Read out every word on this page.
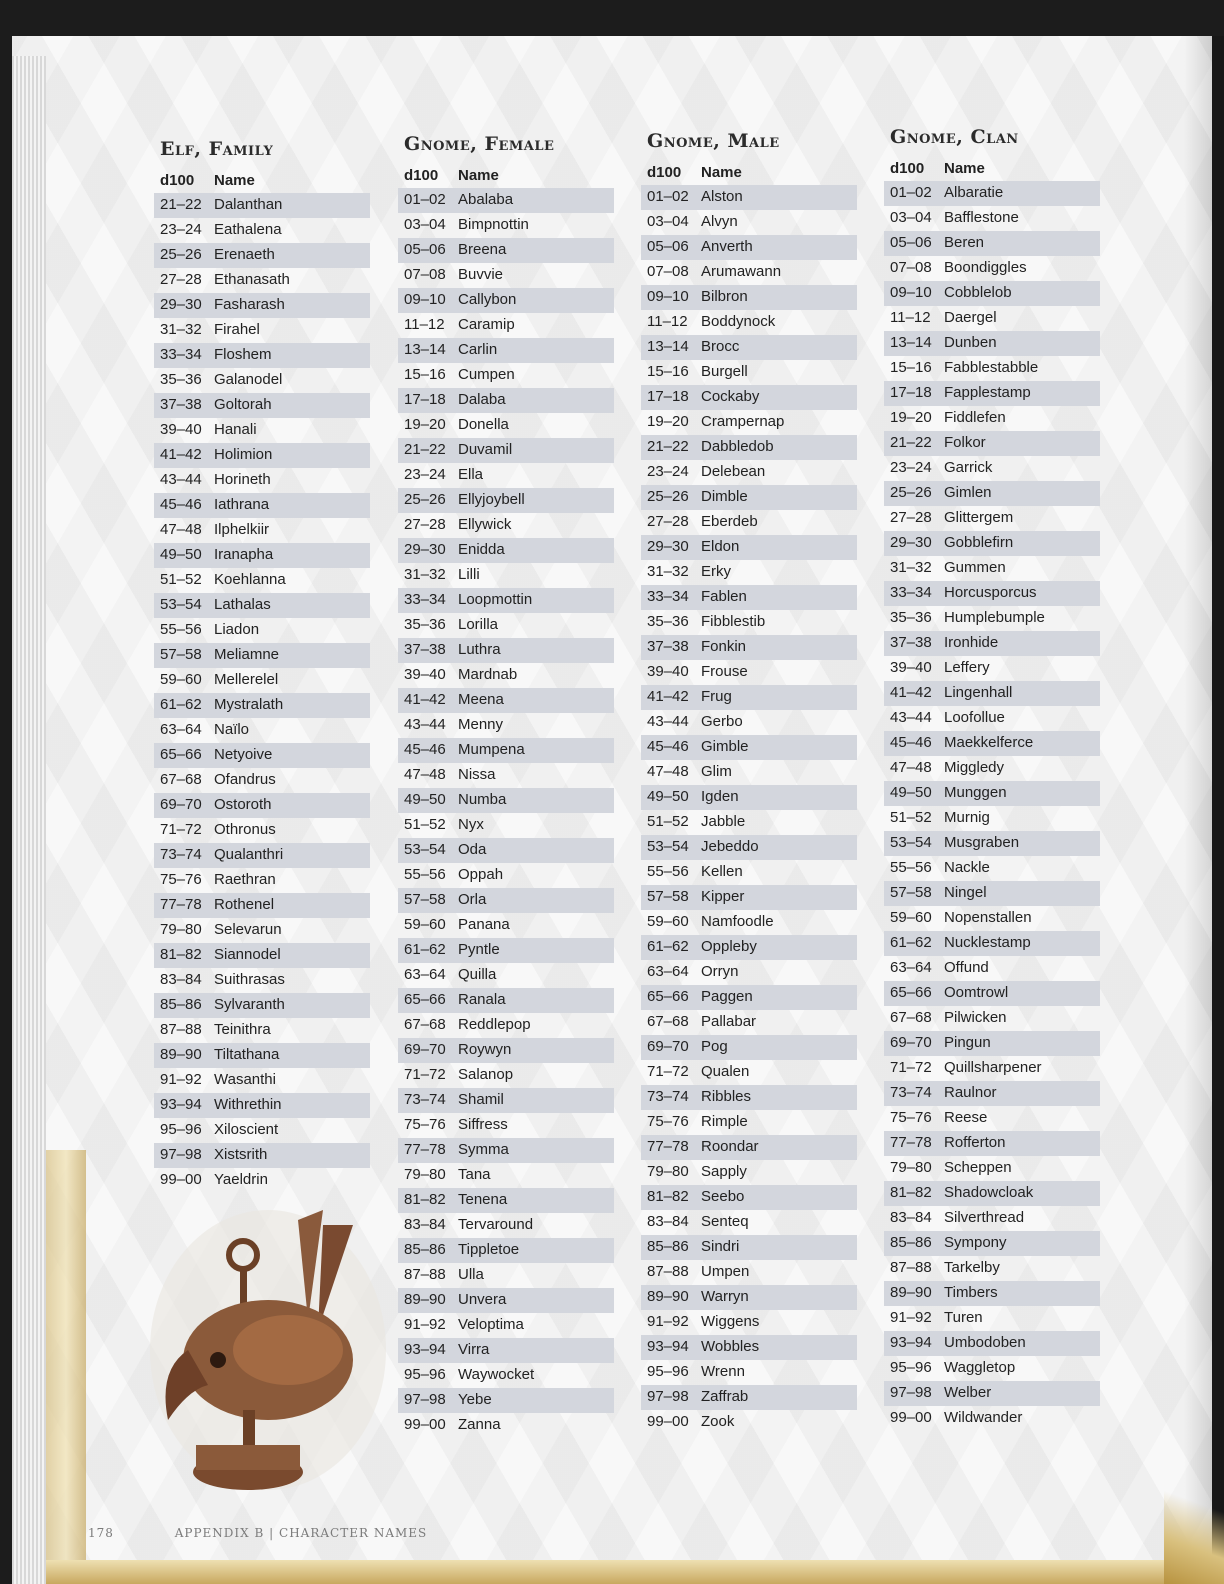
Elf, Family
d100	Name
21–22 Dalanthan
23–24 Eathalena
25–26 Erenaeth
27–28 Ethanasath
29–30 Fasharash
31–32 Firahel
33–34 Floshem
35–36 Galanodel
37–38 Goltorah
39–40 Hanali
41–42 Holimion
43–44 Horineth
45–46 Iathrana
47–48 Ilphelkiir
49–50 Iranapha
51–52 Koehlanna
53–54 Lathalas
55–56 Liadon
57–58 Meliamne
59–60 Mellerelel
61–62 Mystralath
63–64 Naïlo
65–66 Netyoive
67–68 Ofandrus
69–70 Ostoroth
71–72 Othronus
73–74 Qualanthri
75–76 Raethran
77–78 Rothenel
79–80 Selevarun
81–82 Siannodel
83–84 Suithrasas
85–86 Sylvaranth
87–88 Teinithra
89–90 Tiltathana
91–92 Wasanthi
93–94 Withrethin
95–96 Xiloscient
97–98 Xistsrith
99–00 Yaeldrin
Gnome, Female
d100	Name
01–02 Abalaba
03–04 Bimpnottin
05–06 Breena
07–08 Buvvie
09–10 Callybon
11–12 Caramip
13–14 Carlin
15–16 Cumpen
17–18 Dalaba
19–20 Donella
21–22 Duvamil
23–24 Ella
25–26 Ellyjoybell
27–28 Ellywick
29–30 Enidda
31–32 Lilli
33–34 Loopmottin
35–36 Lorilla
37–38 Luthra
39–40 Mardnab
41–42 Meena
43–44 Menny
45–46 Mumpena
47–48 Nissa
49–50 Numba
51–52 Nyx
53–54 Oda
55–56 Oppah
57–58 Orla
59–60 Panana
61–62 Pyntle
63–64 Quilla
65–66 Ranala
67–68 Reddlepop
69–70 Roywyn
71–72 Salanop
73–74 Shamil
75–76 Siffress
77–78 Symma
79–80 Tana
81–82 Tenena
83–84 Tervaround
85–86 Tippletoe
87–88 Ulla
89–90 Unvera
91–92 Veloptima
93–94 Virra
95–96 Waywocket
97–98 Yebe
99–00 Zanna
Gnome, Male
d100	Name
01–02 Alston
03–04 Alvyn
05–06 Anverth
07–08 Arumawann
09–10 Bilbron
11–12 Boddynock
13–14 Brocc
15–16 Burgell
17–18 Cockaby
19–20 Crampernap
21–22 Dabbledob
23–24 Delebean
25–26 Dimble
27–28 Eberdeb
29–30 Eldon
31–32 Erky
33–34 Fablen
35–36 Fibblestib
37–38 Fonkin
39–40 Frouse
41–42 Frug
43–44 Gerbo
45–46 Gimble
47–48 Glim
49–50 Igden
51–52 Jabble
53–54 Jebeddo
55–56 Kellen
57–58 Kipper
59–60 Namfoodle
61–62 Oppleby
63–64 Orryn
65–66 Paggen
67–68 Pallabar
69–70 Pog
71–72 Qualen
73–74 Ribbles
75–76 Rimple
77–78 Roondar
79–80 Sapply
81–82 Seebo
83–84 Senteq
85–86 Sindri
87–88 Umpen
89–90 Warryn
91–92 Wiggens
93–94 Wobbles
95–96 Wrenn
97–98 Zaffrab
99–00 Zook
Gnome, Clan
d100	Name
01–02 Albaratie
03–04 Bafflestone
05–06 Beren
07–08 Boondiggles
09–10 Cobblelob
11–12 Daergel
13–14 Dunben
15–16 Fabblestabble
17–18 Fapplestamp
19–20 Fiddlefen
21–22 Folkor
23–24 Garrick
25–26 Gimlen
27–28 Glittergem
29–30 Gobblefirn
31–32 Gummen
33–34 Horcusporcus
35–36 Humplebumple
37–38 Ironhide
39–40 Leffery
41–42 Lingenhall
43–44 Loofollue
45–46 Maekkelferce
47–48 Miggledy
49–50 Munggen
51–52 Murnig
53–54 Musgraben
55–56 Nackle
57–58 Ningel
59–60 Nopenstallen
61–62 Nucklestamp
63–64 Offund
65–66 Oomtrowl
67–68 Pilwicken
69–70 Pingun
71–72 Quillsharpener
73–74 Raulnor
75–76 Reese
77–78 Rofferton
79–80 Scheppen
81–82 Shadowcloak
83–84 Silverthread
85–86 Sympony
87–88 Tarkelby
89–90 Timbers
91–92 Turen
93–94 Umbodoben
95–96 Waggletop
97–98 Welber
99–00 Wildwander
178	APPENDIX B | CHARACTER NAMES
